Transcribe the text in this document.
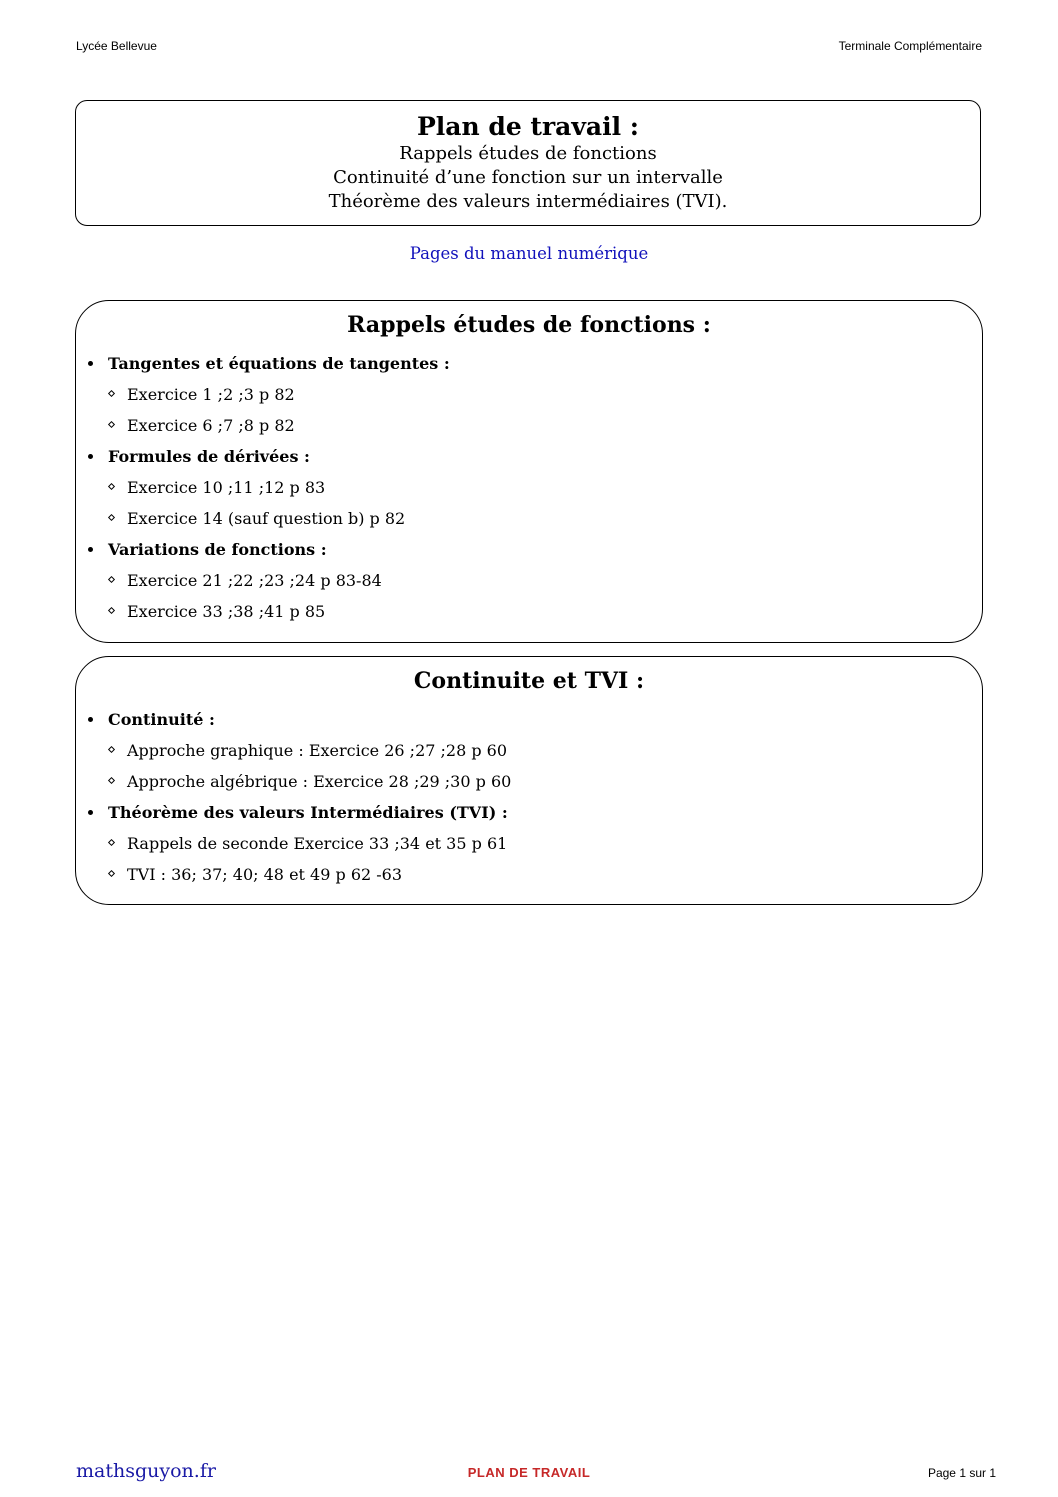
Lycée Bellevue	Terminale Complémentaire
Plan de travail :
Rappels études de fonctions
Continuité d’une fonction sur un intervalle
Théorème des valeurs intermédiaires (TVI).
Pages du manuel numérique
Rappels études de fonctions :
Tangentes et équations de tangentes :
Exercice 1 ;2 ;3 p 82
Exercice 6 ;7 ;8 p 82
Formules de dérivées :
Exercice 10 ;11 ;12 p 83
Exercice 14 (sauf question b) p 82
Variations de fonctions :
Exercice 21 ;22 ;23 ;24 p 83-84
Exercice 33 ;38 ;41 p 85
Continuite et TVI :
Continuité :
Approche graphique : Exercice 26 ;27 ;28 p 60
Approche algébrique : Exercice 28 ;29 ;30 p 60
Théorème des valeurs Intermédiaires (TVI) :
Rappels de seconde Exercice 33 ;34 et 35 p 61
TVI : 36; 37; 40; 48 et 49 p 62 -63
mathsguyon.fr	PLAN DE TRAVAIL	Page 1 sur 1
